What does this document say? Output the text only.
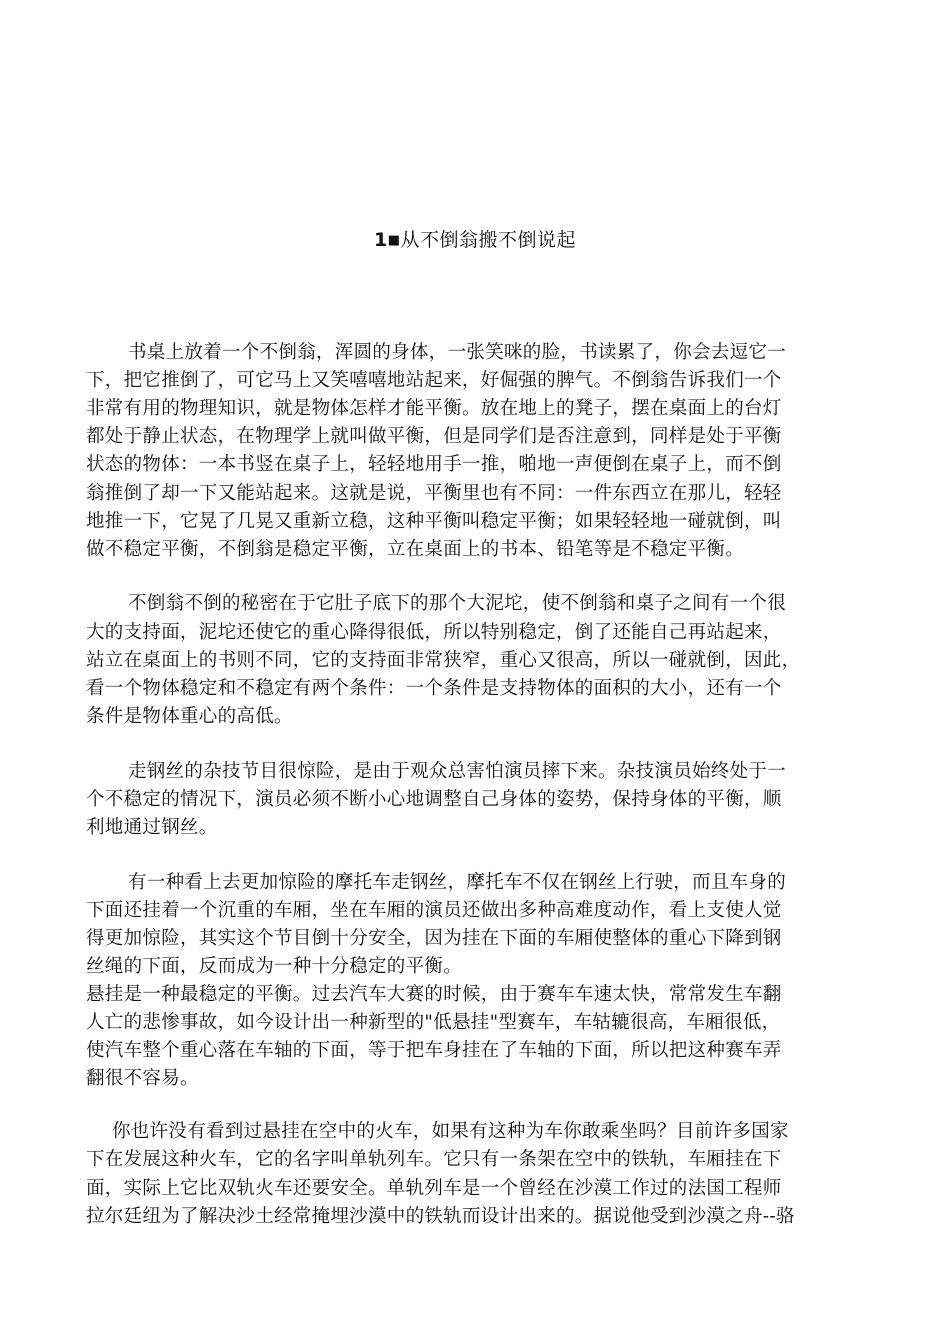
1■从不倒翁搬不倒说起
书桌上放着一个不倒翁，浑圆的身体，一张笑咪的脸，书读累了，你会去逗它一
下，把它推倒了，可它马上又笑嘻嘻地站起来，好倔强的脾气。不倒翁告诉我们一个
非常有用的物理知识，就是物体怎样才能平衡。放在地上的凳子，摆在桌面上的台灯
都处于静止状态，在物理学上就叫做平衡，但是同学们是否注意到，同样是处于平衡
状态的物体：一本书竖在桌子上，轻轻地用手一推，啪地一声便倒在桌子上，而不倒
翁推倒了却一下又能站起来。这就是说，平衡里也有不同：一件东西立在那儿，轻轻
地推一下，它晃了几晃又重新立稳，这种平衡叫稳定平衡；如果轻轻地一碰就倒，叫
做不稳定平衡，不倒翁是稳定平衡，立在桌面上的书本、铅笔等是不稳定平衡。
不倒翁不倒的秘密在于它肚子底下的那个大泥坨，使不倒翁和桌子之间有一个很
大的支持面，泥坨还使它的重心降得很低，所以特别稳定，倒了还能自己再站起来，
站立在桌面上的书则不同，它的支持面非常狭窄，重心又很高，所以一碰就倒，因此，
看一个物体稳定和不稳定有两个条件：一个条件是支持物体的面积的大小，还有一个
条件是物体重心的高低。
走钢丝的杂技节目很惊险，是由于观众总害怕演员摔下来。杂技演员始终处于一
个不稳定的情况下，演员必须不断小心地调整自己身体的姿势，保持身体的平衡，顺
利地通过钢丝。
有一种看上去更加惊险的摩托车走钢丝，摩托车不仅在钢丝上行驶，而且车身的
下面还挂着一个沉重的车厢，坐在车厢的演员还做出多种高难度动作，看上支使人觉
得更加惊险，其实这个节目倒十分安全，因为挂在下面的车厢使整体的重心下降到钢
丝绳的下面，反而成为一种十分稳定的平衡。
悬挂是一种最稳定的平衡。过去汽车大赛的时候，由于赛车车速太快，常常发生车翻
人亡的悲惨事故，如今设计出一种新型的"低悬挂"型赛车，车轱辘很高，车厢很低，
使汽车整个重心落在车轴的下面，等于把车身挂在了车轴的下面，所以把这种赛车弄
翻很不容易。
你也许没有看到过悬挂在空中的火车，如果有这种为车你敢乘坐吗？目前许多国家
下在发展这种火车，它的名字叫单轨列车。它只有一条架在空中的铁轨，车厢挂在下
面，实际上它比双轨火车还要安全。单轨列车是一个曾经在沙漠工作过的法国工程师
拉尔廷纽为了解决沙土经常掩埋沙漠中的铁轨而设计出来的。据说他受到沙漠之舟--骆
